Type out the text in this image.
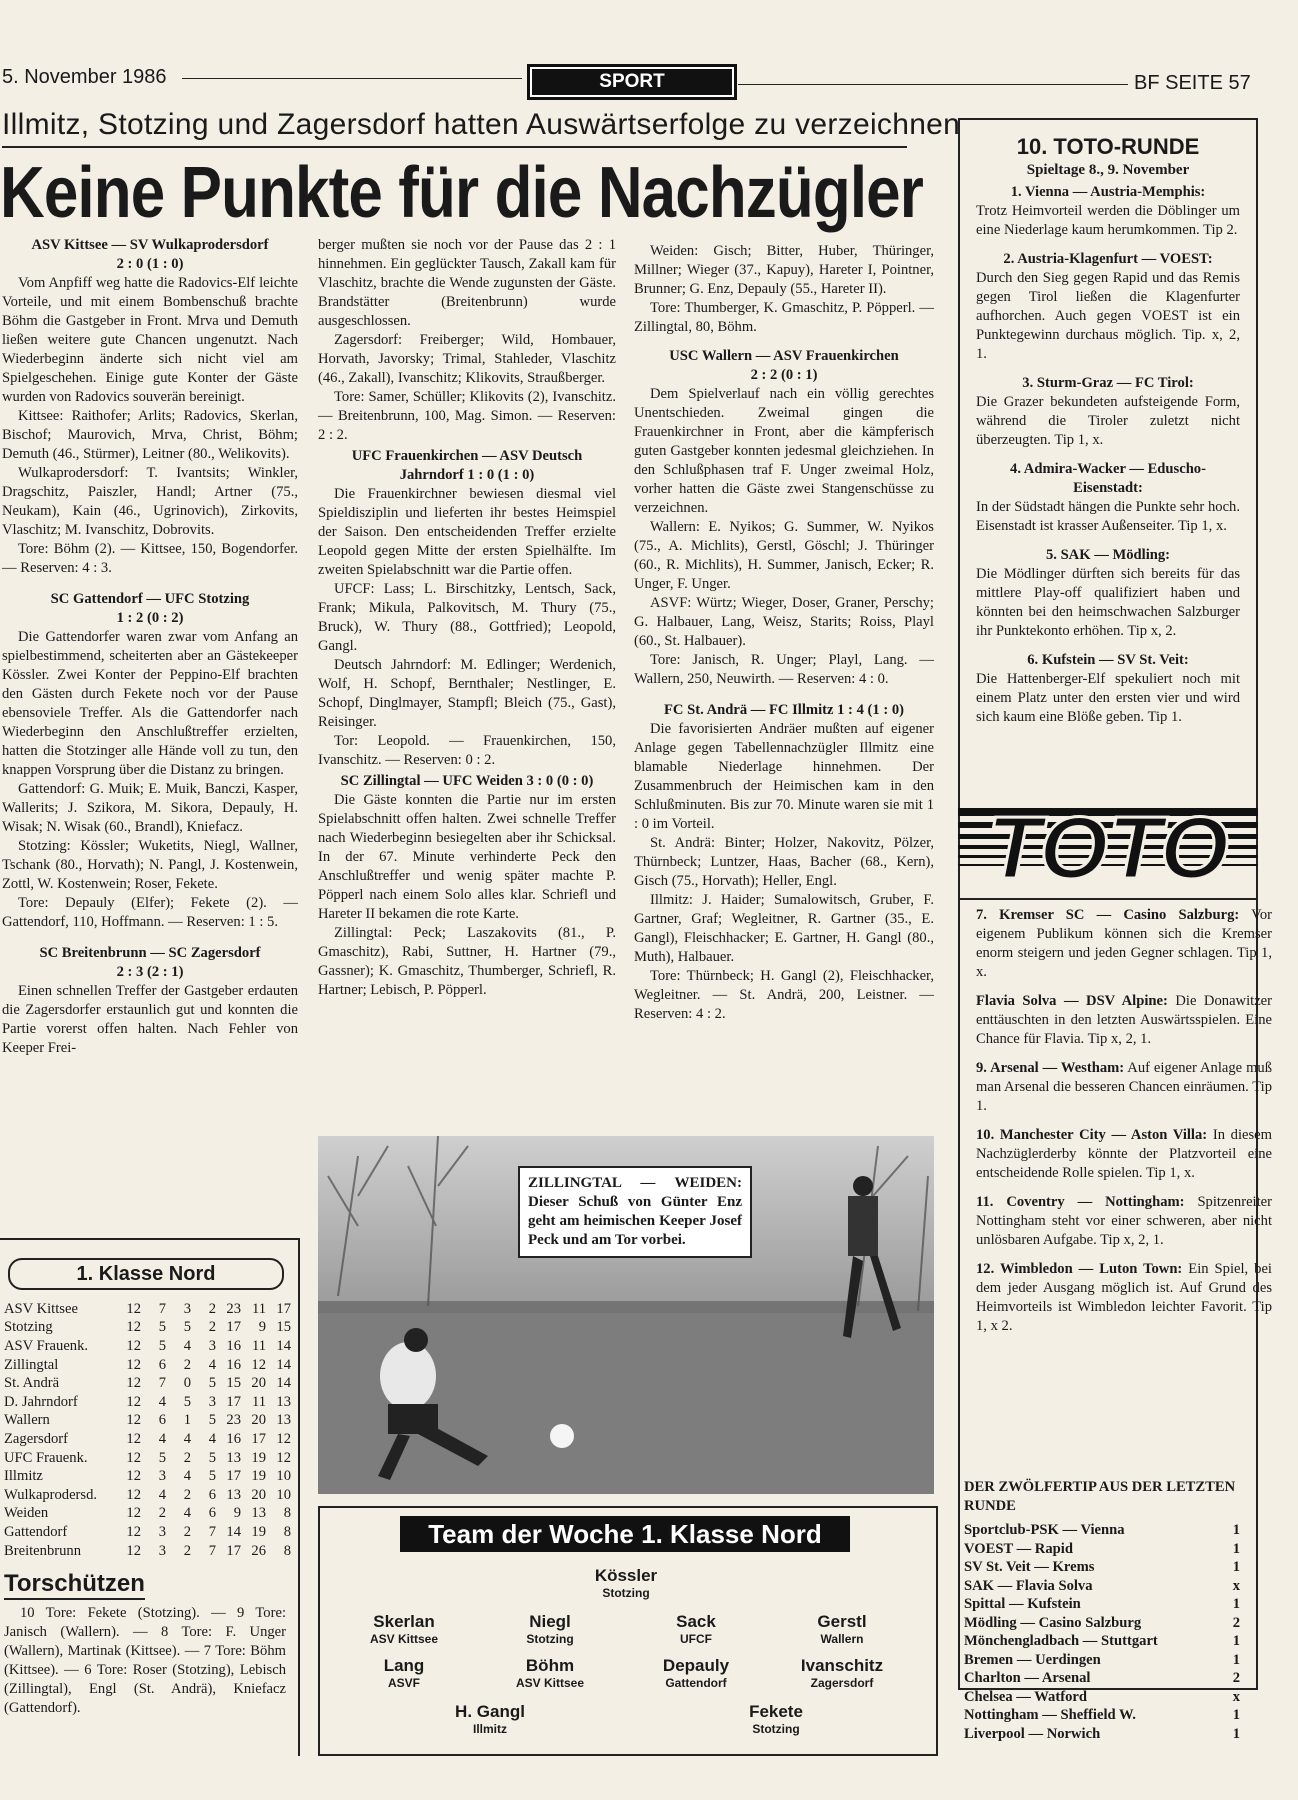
5. November 1986	SPORT	BF SEITE 57
Illmitz, Stotzing und Zagersdorf hatten Auswärtserfolge zu verzeichnen
Keine Punkte für die Nachzügler

ASV Kittsee — SV Wulkaprodersdorf

2 : 0 (1 : 0)

Vom Anpfiff weg hatte die Radovics-Elf leichte Vorteile, und mit einem Bombenschuß brachte Böhm die Gastgeber in Front. Mrva und Demuth ließen weitere gute Chancen ungenutzt. Nach Wiederbeginn änderte sich nicht viel am Spielgeschehen. Einige gute Konter der Gäste wurden von Radovics souverän bereinigt.

Kittsee: Raithofer; Arlits; Radovics, Skerlan, Bischof; Maurovich, Mrva, Christ, Böhm; Demuth (46., Stürmer), Leitner (80., Welikovits).

Wulkaprodersdorf: T. Ivantsits; Winkler, Dragschitz, Paiszler, Handl; Artner (75., Neukam), Kain (46., Ugrinovich), Zirkovits, Vlaschitz; M. Ivanschitz, Dobrovits.

Tore: Böhm (2). — Kittsee, 150, Bogendorfer. — Reserven: 4 : 3.

SC Gattendorf — UFC Stotzing

1 : 2 (0 : 2)

Die Gattendorfer waren zwar vom Anfang an spielbestimmend, scheiterten aber an Gästekeeper Kössler. Zwei Konter der Peppino-Elf brachten den Gästen durch Fekete noch vor der Pause ebensoviele Treffer. Als die Gattendorfer nach Wiederbeginn den Anschlußtreffer erzielten, hatten die Stotzinger alle Hände voll zu tun, den knappen Vorsprung über die Distanz zu bringen.

Gattendorf: G. Muik; E. Muik, Banczi, Kasper, Wallerits; J. Szikora, M. Sikora, Depauly, H. Wisak; N. Wisak (60., Brandl), Kniefacz.

Stotzing: Kössler; Wuketits, Niegl, Wallner, Tschank (80., Horvath); N. Pangl, J. Kostenwein, Zottl, W. Kostenwein; Roser, Fekete.

Tore: Depauly (Elfer); Fekete (2). — Gattendorf, 110, Hoffmann. — Reserven: 1 : 5.

SC Breitenbrunn — SC Zagersdorf

2 : 3 (2 : 1)

Einen schnellen Treffer der Gastgeber erdauten die Zagersdorfer erstaunlich gut und konnten die Partie vorerst offen halten. Nach Fehler von Keeper Frei-

berger mußten sie noch vor der Pause das 2 : 1 hinnehmen. Ein geglückter Tausch, Zakall kam für Vlaschitz, brachte die Wende zugunsten der Gäste. Brandstätter (Breitenbrunn) wurde ausgeschlossen.

Zagersdorf: Freiberger; Wild, Hombauer, Horvath, Javorsky; Trimal, Stahleder, Vlaschitz (46., Zakall), Ivanschitz; Klikovits, Straußberger.

Tore: Samer, Schüller; Klikovits (2), Ivanschitz. — Breitenbrunn, 100, Mag. Simon. — Reserven: 2 : 2.

UFC Frauenkirchen — ASV Deutsch Jahrndorf 1 : 0 (1 : 0)

Die Frauenkirchner bewiesen diesmal viel Spieldisziplin und lieferten ihr bestes Heimspiel der Saison. Den entscheidenden Treffer erzielte Leopold gegen Mitte der ersten Spielhälfte. Im zweiten Spielabschnitt war die Partie offen.

UFCF: Lass; L. Birschitzky, Lentsch, Sack, Frank; Mikula, Palkovitsch, M. Thury (75., Bruck), W. Thury (88., Gottfried); Leopold, Gangl.

Deutsch Jahrndorf: M. Edlinger; Werdenich, Wolf, H. Schopf, Bernthaler; Nestlinger, E. Schopf, Dinglmayer, Stampfl; Bleich (75., Gast), Reisinger.

Tor: Leopold. — Frauenkirchen, 150, Ivanschitz. — Reserven: 0 : 2.

SC Zillingtal — UFC Weiden 3 : 0 (0 : 0)

Die Gäste konnten die Partie nur im ersten Spielabschnitt offen halten. Zwei schnelle Treffer nach Wiederbeginn besiegelten aber ihr Schicksal. In der 67. Minute verhinderte Peck den Anschlußtreffer und wenig später machte P. Pöpperl nach einem Solo alles klar. Schriefl und Hareter II bekamen die rote Karte.

Zillingtal: Peck; Laszakovits (81., P. Gmaschitz), Rabi, Suttner, H. Hartner (79., Gassner); K. Gmaschitz, Thumberger, Schriefl, R. Hartner; Lebisch, P. Pöpperl.

Weiden: Gisch; Bitter, Huber, Thüringer, Millner; Wieger (37., Kapuy), Hareter I, Pointner, Brunner; G. Enz, Depauly (55., Hareter II).

Tore: Thumberger, K. Gmaschitz, P. Pöpperl. — Zillingtal, 80, Böhm.

USC Wallern — ASV Frauenkirchen

2 : 2 (0 : 1)

Dem Spielverlauf nach ein völlig gerechtes Unentschieden. Zweimal gingen die Frauenkirchner in Front, aber die kämpferisch guten Gastgeber konnten jedesmal gleichziehen. In den Schlußphasen traf F. Unger zweimal Holz, vorher hatten die Gäste zwei Stangenschüsse zu verzeichnen.

Wallern: E. Nyikos; G. Summer, W. Nyikos (75., A. Michlits), Gerstl, Göschl; J. Thüringer (60., R. Michlits), H. Summer, Janisch, Ecker; R. Unger, F. Unger.

ASVF: Würtz; Wieger, Doser, Graner, Perschy; G. Halbauer, Lang, Weisz, Starits; Roiss, Playl (60., St. Halbauer).

Tore: Janisch, R. Unger; Playl, Lang. — Wallern, 250, Neuwirth. — Reserven: 4 : 0.

FC St. Andrä — FC Illmitz 1 : 4 (1 : 0)

Die favorisierten Andräer mußten auf eigener Anlage gegen Tabellennachzügler Illmitz eine blamable Niederlage hinnehmen. Der Zusammenbruch der Heimischen kam in den Schlußminuten. Bis zur 70. Minute waren sie mit 1 : 0 im Vorteil.

St. Andrä: Binter; Holzer, Nakovitz, Pölzer, Thürnbeck; Luntzer, Haas, Bacher (68., Kern), Gisch (75., Horvath); Heller, Engl.

Illmitz: J. Haider; Sumalowitsch, Gruber, F. Gartner, Graf; Wegleitner, R. Gartner (35., E. Gangl), Fleischhacker; E. Gartner, H. Gangl (80., Muth), Halbauer.

Tore: Thürnbeck; H. Gangl (2), Fleischhacker, Wegleitner. — St. Andrä, 200, Leistner. — Reserven: 4 : 2.

10. TOTO-RUNDE
Spieltage 8., 9. November

1. Vienna — Austria-Memphis:
Trotz Heimvorteil werden die Döblinger um eine Niederlage kaum herumkommen. Tip 2.

2. Austria-Klagenfurt — VOEST:
Durch den Sieg gegen Rapid und das Remis gegen Tirol ließen die Klagenfurter aufhorchen. Auch gegen VOEST ist ein Punktegewinn durchaus möglich. Tip. x, 2, 1.

3. Sturm-Graz — FC Tirol:
Die Grazer bekundeten aufsteigende Form, während die Tiroler zuletzt nicht überzeugten. Tip 1, x.

4. Admira-Wacker — Eduscho-Eisenstadt:
In der Südstadt hängen die Punkte sehr hoch. Eisenstadt ist krasser Außenseiter. Tip 1, x.

5. SAK — Mödling:
Die Mödlinger dürften sich bereits für das mittlere Play-off qualifiziert haben und könnten bei den heimschwachen Salzburger ihr Punktekonto erhöhen. Tip x, 2.

6. Kufstein — SV St. Veit:
Die Hattenberger-Elf spekuliert noch mit einem Platz unter den ersten vier und wird sich kaum eine Blöße geben. Tip 1.

TOTO

7. Kremser SC — Casino Salzburg: Vor eigenem Publikum können sich die Kremser enorm steigern und jeden Gegner schlagen. Tip 1, x.

Flavia Solva — DSV Alpine: Die Donawitzer enttäuschten in den letzten Auswärtsspielen. Eine Chance für Flavia. Tip x, 2, 1.

9. Arsenal — Westham: Auf eigener Anlage muß man Arsenal die besseren Chancen einräumen. Tip 1.

10. Manchester City — Aston Villa: In diesem Nachzüglerderby könnte der Platzvorteil eine entscheidende Rolle spielen. Tip 1, x.

11. Coventry — Nottingham: Spitzenreiter Nottingham steht vor einer schweren, aber nicht unlösbaren Aufgabe. Tip x, 2, 1.

12. Wimbledon — Luton Town: Ein Spiel, bei dem jeder Ausgang möglich ist. Auf Grund des Heimvorteils ist Wimbledon leichter Favorit. Tip 1, x 2.

DER ZWÖLFERTIP AUS DER LETZTEN RUNDE
Sportclub-PSK — Vienna	1
VOEST — Rapid	1
SV St. Veit — Krems	1
SAK — Flavia Solva	x
Spittal — Kufstein	1
Mödling — Casino Salzburg	2
Mönchengladbach — Stuttgart	1
Bremen — Uerdingen	1
Charlton — Arsenal	2
Chelsea — Watford	x
Nottingham — Sheffield W.	1
Liverpool — Norwich	1
1. Klasse Nord
ASV Kittsee	12	7	3	2	23	11	17
Stotzing	12	5	5	2	17	9	15
ASV Frauenk.	12	5	4	3	16	11	14
Zillingtal	12	6	2	4	16	12	14
St. Andrä	12	7	0	5	15	20	14
D. Jahrndorf	12	4	5	3	17	11	13
Wallern	12	6	1	5	23	20	13
Zagersdorf	12	4	4	4	16	17	12
UFC Frauenk.	12	5	2	5	13	19	12
Illmitz	12	3	4	5	17	19	10
Wulkaprodersd.	12	4	2	6	13	20	10
Weiden	12	2	4	6	9	13	8
Gattendorf	12	3	2	7	14	19	8
Breitenbrunn	12	3	2	7	17	26	8
Torschützen

10 Tore: Fekete (Stotzing). — 9 Tore: Janisch (Wallern). — 8 Tore: F. Unger (Wallern), Martinak (Kittsee). — 7 Tore: Böhm (Kittsee). — 6 Tore: Roser (Stotzing), Lebisch (Zillingtal), Engl (St. Andrä), Kniefacz (Gattendorf).

ZILLINGTAL — WEIDEN: Dieser Schuß von Günter Enz geht am heimischen Keeper Josef Peck und am Tor vorbei.
Team der Woche 1. Klasse Nord
Kössler
Stotzing
Skerlan
ASV Kittsee
Niegl
Stotzing
Sack
UFCF
Gerstl
Wallern
Lang
ASVF
Böhm
ASV Kittsee
Depauly
Gattendorf
Ivanschitz
Zagersdorf
H. Gangl
Illmitz
Fekete
Stotzing
